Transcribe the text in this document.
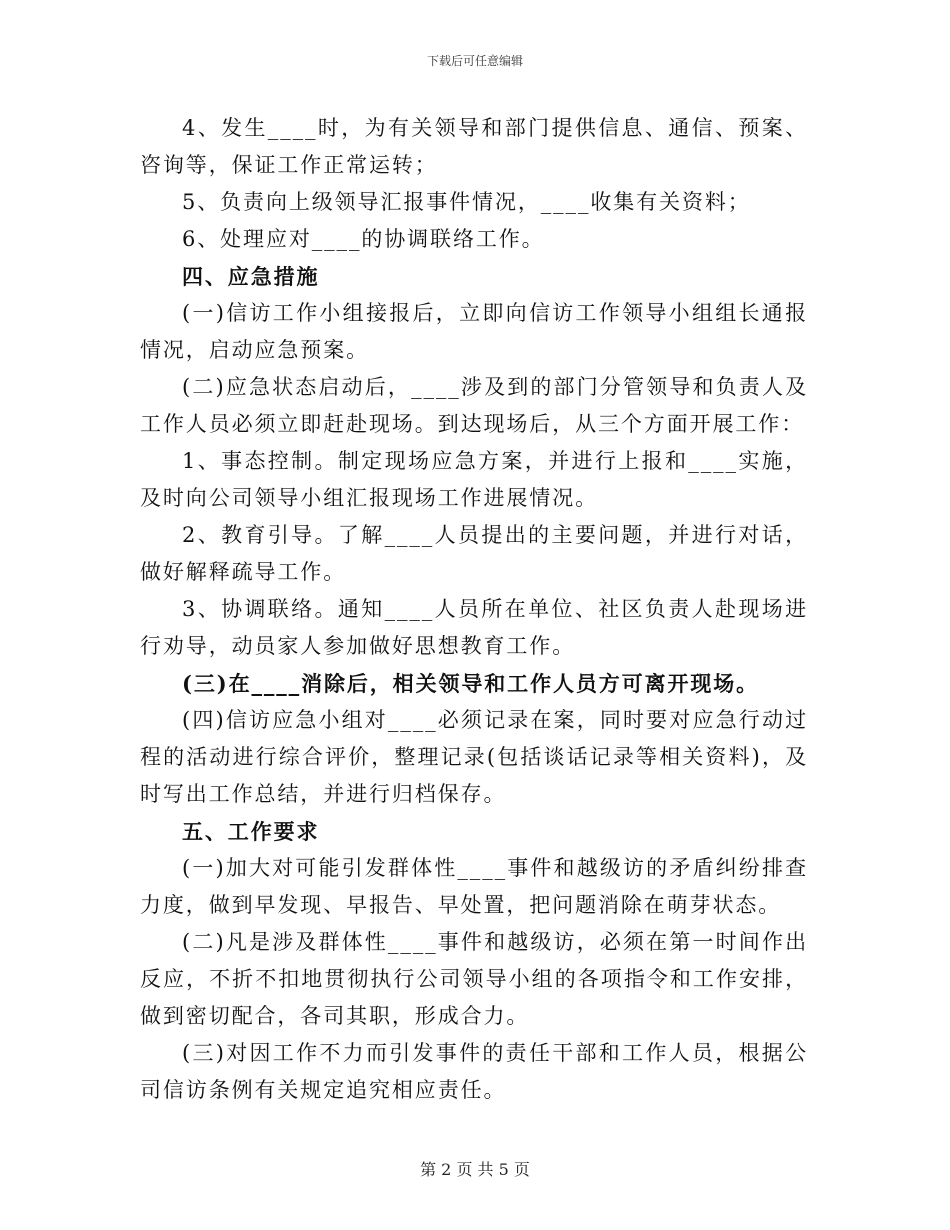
下载后可任意编辑

4、发生____时，为有关领导和部门提供信息、通信、预案、咨询等，保证工作正常运转；

5、负责向上级领导汇报事件情况，____收集有关资料；

6、处理应对____的协调联络工作。

四、应急措施

(一)信访工作小组接报后，立即向信访工作领导小组组长通报情况，启动应急预案。

(二)应急状态启动后，____涉及到的部门分管领导和负责人及工作人员必须立即赶赴现场。到达现场后，从三个方面开展工作：

1、事态控制。制定现场应急方案，并进行上报和____实施，及时向公司领导小组汇报现场工作进展情况。

2、教育引导。了解____人员提出的主要问题，并进行对话，做好解释疏导工作。

3、协调联络。通知____人员所在单位、社区负责人赴现场进行劝导，动员家人参加做好思想教育工作。

(三)在____消除后，相关领导和工作人员方可离开现场。

(四)信访应急小组对____必须记录在案，同时要对应急行动过程的活动进行综合评价，整理记录(包括谈话记录等相关资料)，及时写出工作总结，并进行归档保存。

五、工作要求

(一)加大对可能引发群体性____事件和越级访的矛盾纠纷排查力度，做到早发现、早报告、早处置，把问题消除在萌芽状态。

(二)凡是涉及群体性____事件和越级访，必须在第一时间作出反应，不折不扣地贯彻执行公司领导小组的各项指令和工作安排，做到密切配合，各司其职，形成合力。

(三)对因工作不力而引发事件的责任干部和工作人员，根据公司信访条例有关规定追究相应责任。

第 2 页 共 5 页
